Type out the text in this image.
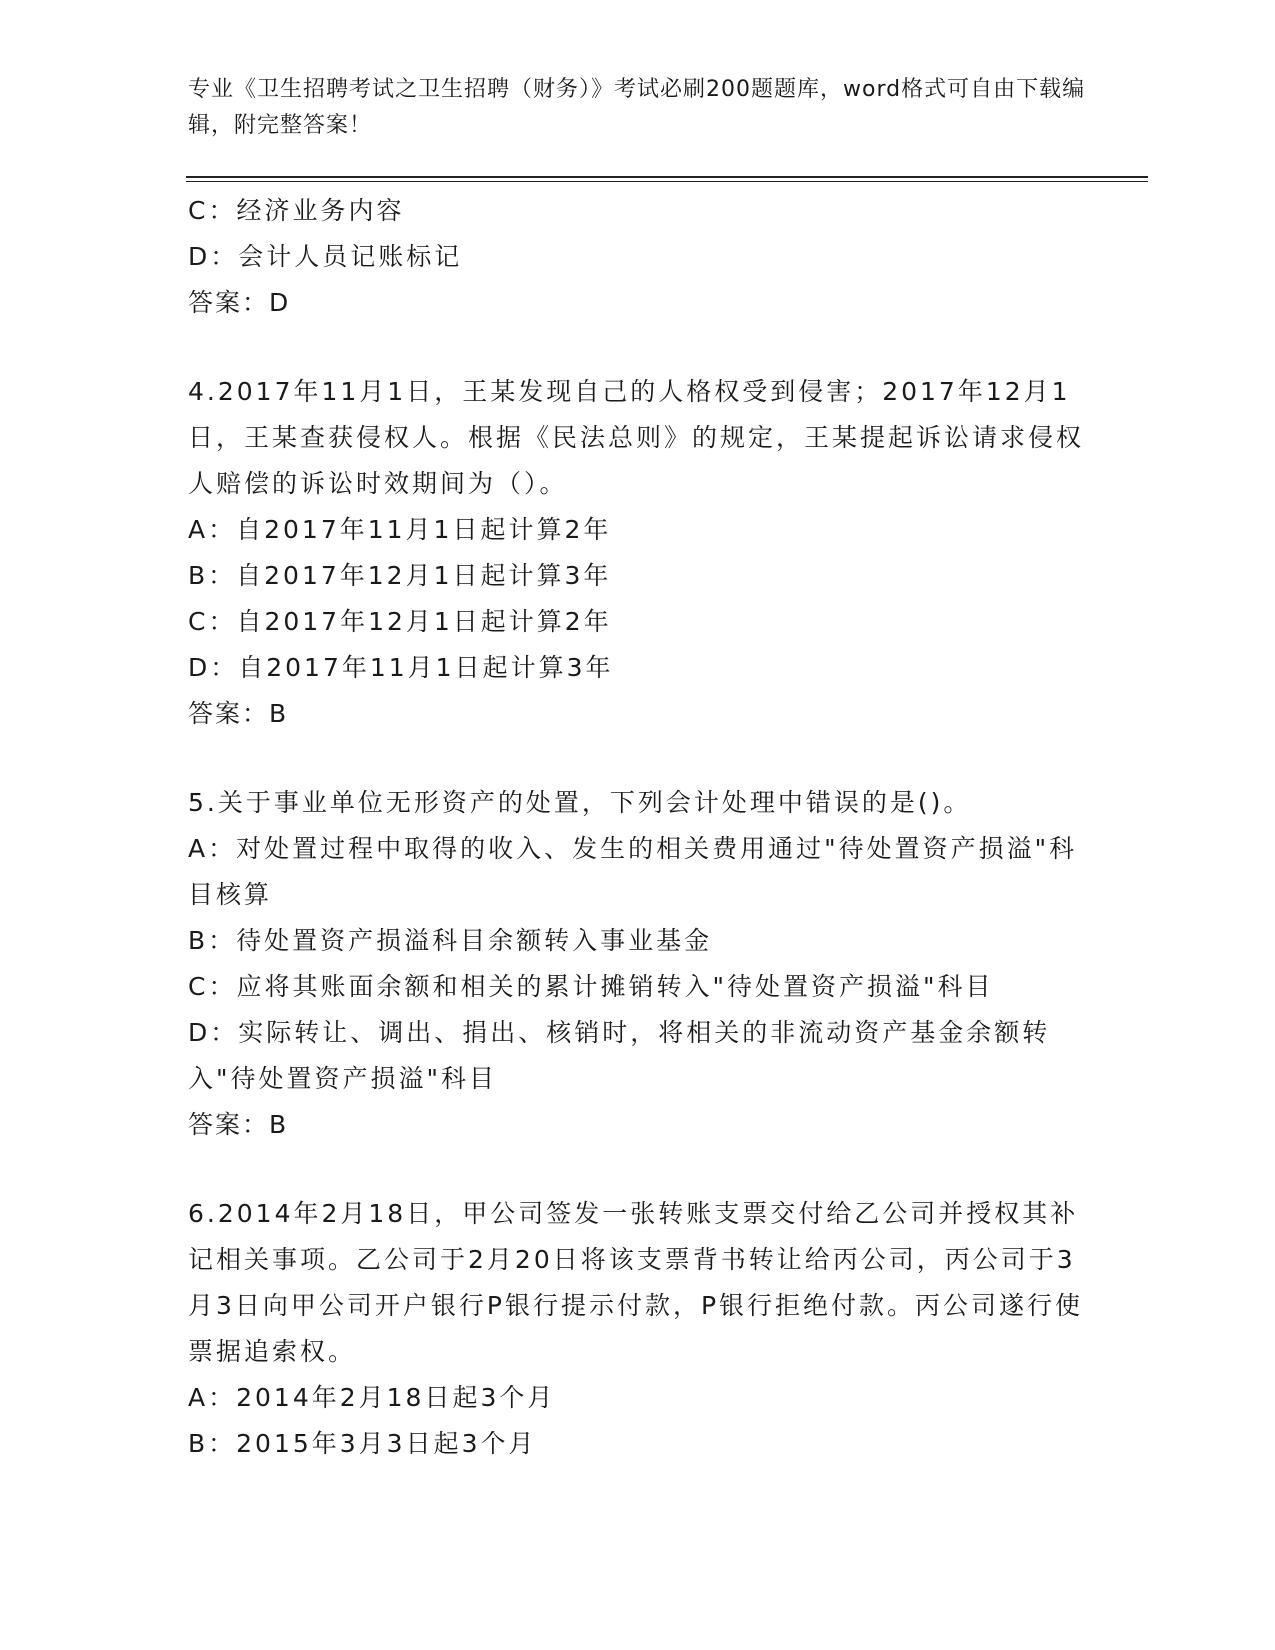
专业《卫生招聘考试之卫生招聘（财务）》考试必刷200题题库，word格式可自由下载编辑，附完整答案！
C：经济业务内容
D：会计人员记账标记
答案：D
4.2017年11月1日，王某发现自己的人格权受到侵害；2017年12月1日，王某查获侵权人。根据《民法总则》的规定，王某提起诉讼请求侵权人赔偿的诉讼时效期间为（）。
A：自2017年11月1日起计算2年
B：自2017年12月1日起计算3年
C：自2017年12月1日起计算2年
D：自2017年11月1日起计算3年
答案：B
5.关于事业单位无形资产的处置，下列会计处理中错误的是()。
A：对处置过程中取得的收入、发生的相关费用通过"待处置资产损溢"科目核算
B：待处置资产损溢科目余额转入事业基金
C：应将其账面余额和相关的累计摊销转入"待处置资产损溢"科目
D：实际转让、调出、捐出、核销时，将相关的非流动资产基金余额转入"待处置资产损溢"科目
答案：B
6.2014年2月18日，甲公司签发一张转账支票交付给乙公司并授权其补记相关事项。乙公司于2月20日将该支票背书转让给丙公司，丙公司于3月3日向甲公司开户银行P银行提示付款，P银行拒绝付款。丙公司遂行使票据追索权。
A：2014年2月18日起3个月
B：2015年3月3日起3个月
